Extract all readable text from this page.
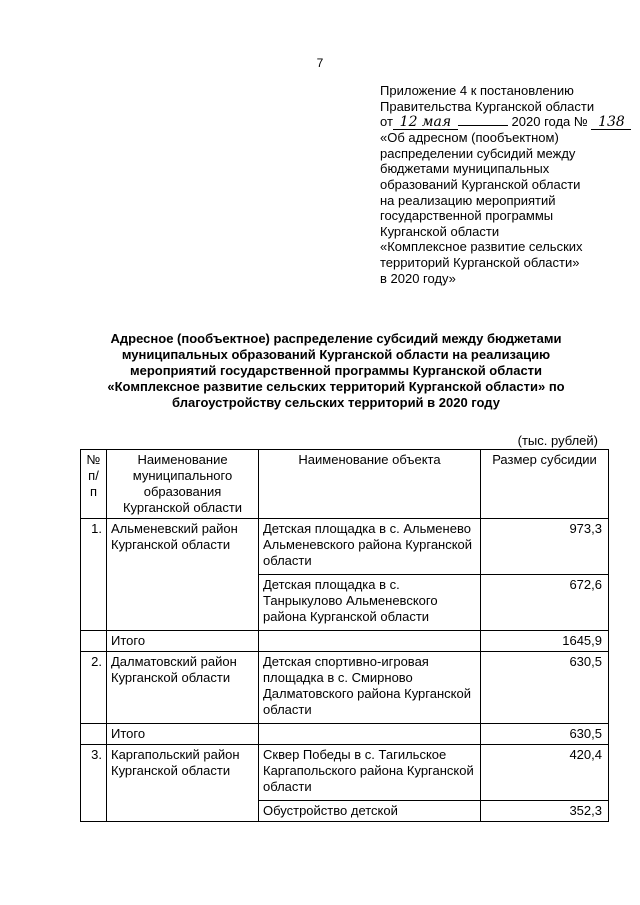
7
Приложение 4 к постановлению
Правительства Курганской области
от 12 мая	2020 года № 138
«Об адресном (пообъектном)
распределении субсидий между
бюджетами муниципальных
образований Курганской области
на реализацию мероприятий
государственной программы
Курганской области
«Комплексное развитие сельских
территорий Курганской области»
в 2020 году»
Адресное (пообъектное) распределение субсидий между бюджетами
муниципальных образований Курганской области на реализацию
мероприятий государственной программы Курганской области
«Комплексное развитие сельских территорий Курганской области» по
благоустройству сельских территорий в 2020 году
(тыс. рублей)
№ п/п	Наименование муниципального образования Курганской области	Наименование объекта	Размер субсидии
1.	Альменевский район Курганской области	Детская площадка в с. Альменево Альменевского района Курганской области	973,3
		Детская площадка в с. Танрыкулово Альменевского района Курганской области	672,6
	Итого		1645,9
2.	Далматовский район Курганской области	Детская спортивно-игровая площадка в с. Смирново Далматовского района Курганской области	630,5
	Итого		630,5
3.	Каргапольский район Курганской области	Сквер Победы в с. Тагильское Каргапольского района Курганской области	420,4
		Обустройство детской	352,3
